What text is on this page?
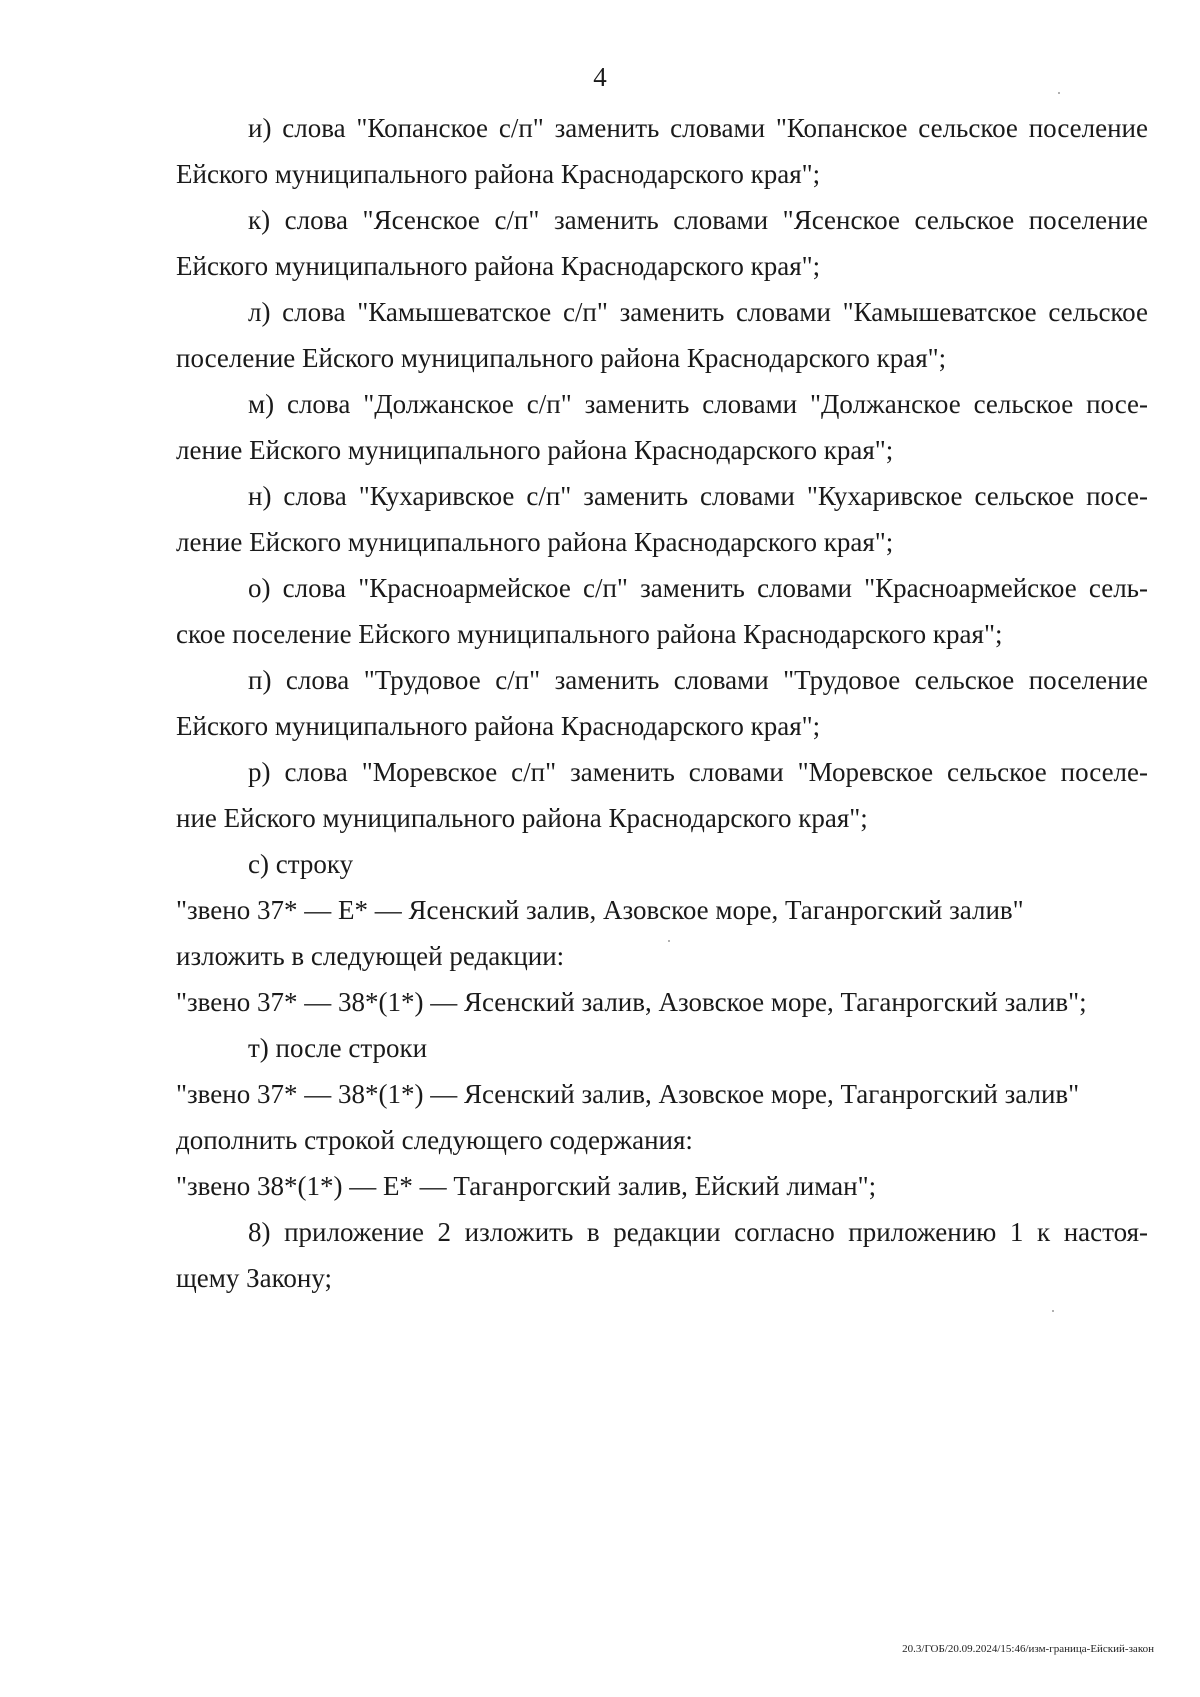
4
и) слова "Копанское с/п" заменить словами "Копанское сельское поселение
Ейского муниципального района Краснодарского края";
к) слова "Ясенское с/п" заменить словами "Ясенское сельское поселение
Ейского муниципального района Краснодарского края";
л) слова "Камышеватское с/п" заменить словами "Камышеватское сельское
поселение Ейского муниципального района Краснодарского края";
м) слова "Должанское с/п" заменить словами "Должанское сельское посе-
ление Ейского муниципального района Краснодарского края";
н) слова "Кухаривское с/п" заменить словами "Кухаривское сельское посе-
ление Ейского муниципального района Краснодарского края";
о) слова "Красноармейское с/п" заменить словами "Красноармейское сель-
ское поселение Ейского муниципального района Краснодарского края";
п) слова "Трудовое с/п" заменить словами "Трудовое сельское поселение
Ейского муниципального района Краснодарского края";
р) слова "Моревское с/п" заменить словами "Моревское сельское поселе-
ние Ейского муниципального района Краснодарского края";
с) строку
"звено 37* — Е* — Ясенский залив, Азовское море, Таганрогский залив"
изложить в следующей редакции:
"звено 37* — 38*(1*) — Ясенский залив, Азовское море, Таганрогский залив";
т) после строки
"звено 37* — 38*(1*) — Ясенский залив, Азовское море, Таганрогский залив"
дополнить строкой следующего содержания:
"звено 38*(1*) — Е* — Таганрогский залив, Ейский лиман";
8) приложение 2 изложить в редакции согласно приложению 1 к настоя-
щему Закону;
20.3/ГОБ/20.09.2024/15:46/изм-граница-Ейский-закон
